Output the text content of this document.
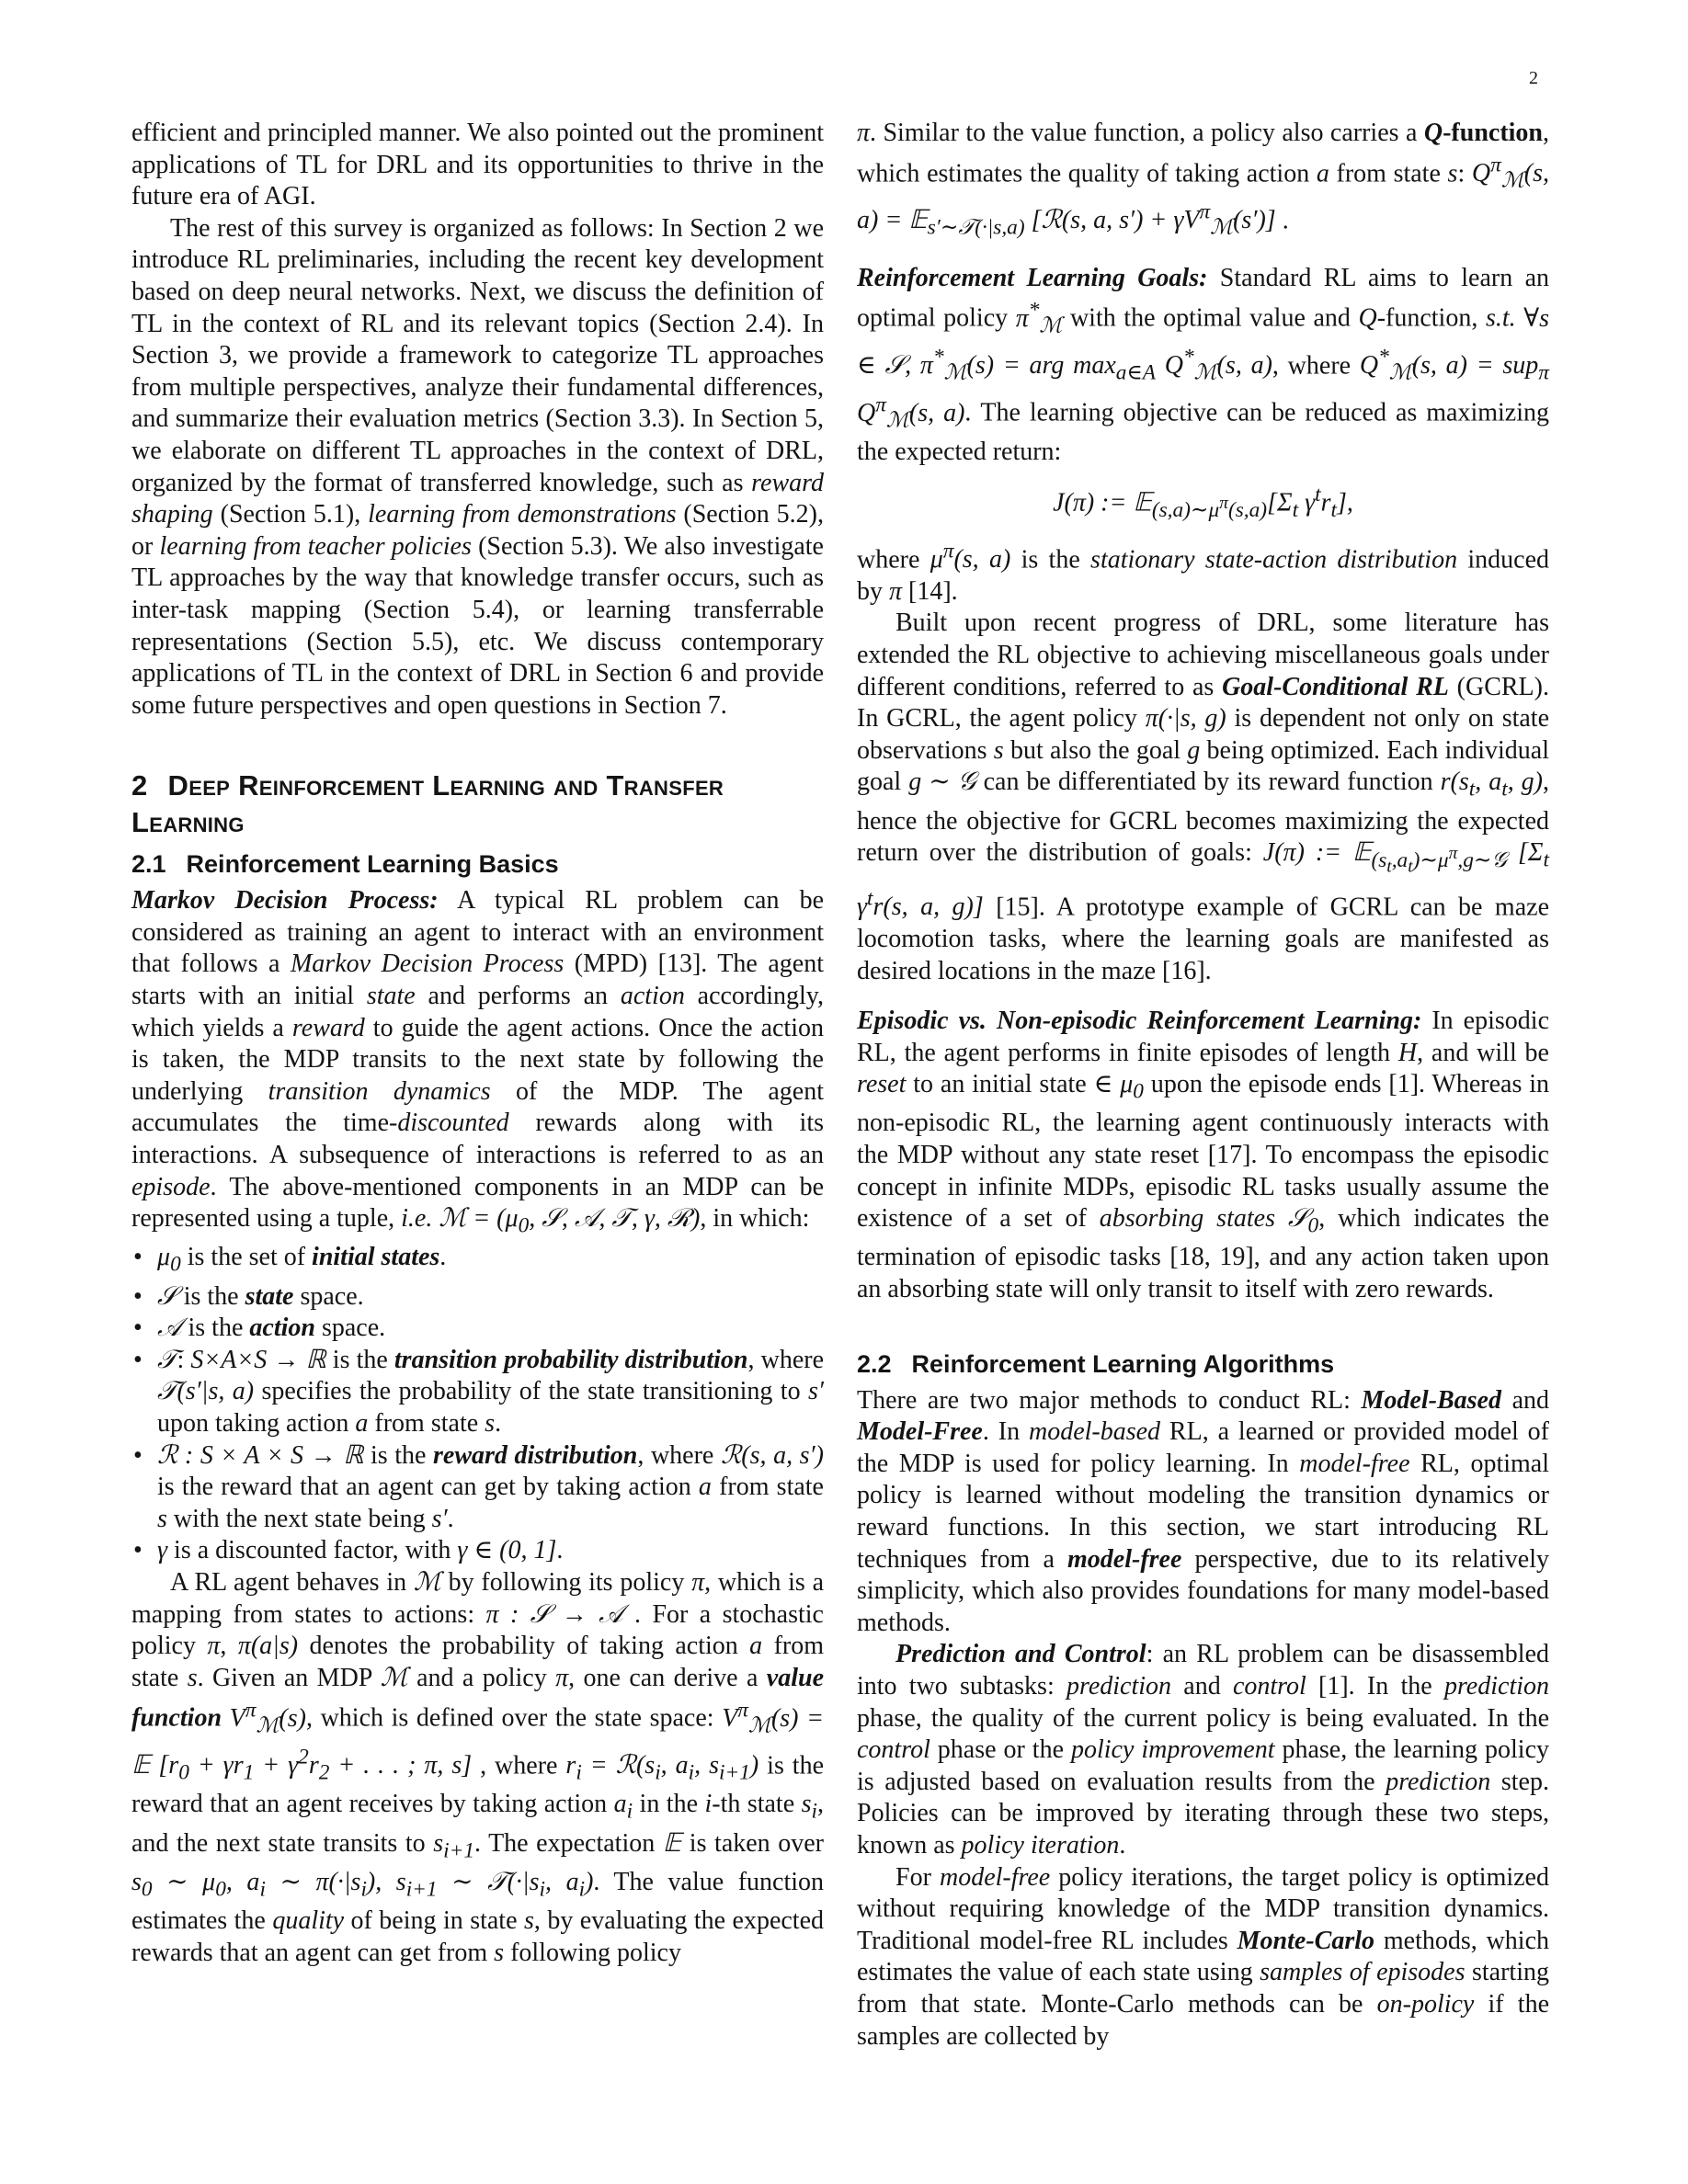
2

efficient and principled manner. We also pointed out the prominent applications of TL for DRL and its opportunities to thrive in the future era of AGI.

The rest of this survey is organized as follows: In Section 2 we introduce RL preliminaries, including the recent key development based on deep neural networks. Next, we discuss the definition of TL in the context of RL and its relevant topics (Section 2.4). In Section 3, we provide a framework to categorize TL approaches from multiple perspectives, analyze their fundamental differences, and summarize their evaluation metrics (Section 3.3). In Section 5, we elaborate on different TL approaches in the context of DRL, organized by the format of transferred knowledge, such as reward shaping (Section 5.1), learning from demonstrations (Section 5.2), or learning from teacher policies (Section 5.3). We also investigate TL approaches by the way that knowledge transfer occurs, such as inter-task mapping (Section 5.4), or learning transferrable representations (Section 5.5), etc. We discuss contemporary applications of TL in the context of DRL in Section 6 and provide some future perspectives and open questions in Section 7.

2 Deep Reinforcement Learning and Transfer Learning
2.1 Reinforcement Learning Basics

Markov Decision Process: A typical RL problem can be considered as training an agent to interact with an environment that follows a Markov Decision Process (MPD) [13]. The agent starts with an initial state and performs an action accordingly, which yields a reward to guide the agent actions. Once the action is taken, the MDP transits to the next state by following the underlying transition dynamics of the MDP. The agent accumulates the time-discounted rewards along with its interactions. A subsequence of interactions is referred to as an episode. The above-mentioned components in an MDP can be represented using a tuple, i.e. ℳ = ($\mu_0$, 𝒮, 𝒜, 𝒯, γ, ℛ), in which:

• $\mu_0$ is the set of initial states.
• 𝒮 is the state space.
• 𝒜 is the action space.
• 𝒯: S×A×S → ℝ is the transition probability distribution, where 𝒯(s′|s, a) specifies the probability of the state transitioning to s′ upon taking action a from state s.
• ℛ : S × A × S → ℝ is the reward distribution, where ℛ(s, a, s′) is the reward that an agent can get by taking action a from state s with the next state being s′.
• γ is a discounted factor, with γ ∈ (0, 1].

A RL agent behaves in ℳ by following its policy π, which is a mapping from states to actions: π : 𝒮 → 𝒜 . For a stochastic policy π, π(a|s) denotes the probability of taking action a from state s. Given an MDP ℳ and a policy π, one can derive a value function $V^\pi_ℳ(s)$, which is defined over the state space: $V^\pi_ℳ(s)$ = 𝔼 [$r_0 + \gamma r_1 + \gamma^2r_2$ + . . . ; π, s] , where $r_i$ = $ℛ(s_i$, $a_i$, $s_{i+1}$) is the reward that an agent receives by taking action $a_i$ in the i-th state $s_i$, and the next state transits to $s_{i+1}$. The expectation 𝔼 is taken over $s_0$ ∼ $\mu_0$, $a_i$ ∼ $\pi(\cdot|s_i)$, $s_{i+1}$ ∼ $𝒯(\cdot|s_i$, $a_i$). The value function estimates the quality of being in state s, by evaluating the expected rewards that an agent can get from s following policy

π. Similar to the value function, a policy also carries a Q-function, which estimates the quality of taking action a from state s: $Q^\pi_ℳ(s$, a) = 𝔼$_{s'\sim 𝒯(\cdot|s,a)}$ [ℛ(s, a, $s') + \gamma V^\pi_ℳ(s')$] .

Reinforcement Learning Goals: Standard RL aims to learn an optimal policy $\pi^*_ℳ$ with the optimal value and Q-function, s.t. ∀s ∈ 𝒮, $\pi^*_ℳ(s)$ = arg $\max_{a\in A} Q^*_ℳ(s$, a), where $Q^*_ℳ(s$, a) = sup$_\pi$ $Q^\pi_ℳ(s$, a). The learning objective can be reduced as maximizing the expected return:

J(π) := $𝔼_{(s,a)\sim\mu^\pi(s,a)}[\Sigma_t$ $\gamma^tr_t$],

where $\mu^\pi(s$, a) is the stationary state-action distribution induced by π [14].

Built upon recent progress of DRL, some literature has extended the RL objective to achieving miscellaneous goals under different conditions, referred to as Goal-Conditional RL (GCRL). In GCRL, the agent policy π(·|s, g) is dependent not only on state observations s but also the goal g being optimized. Each individual goal g ∼ 𝒢 can be differentiated by its reward function $r(s_t$, $a_t$, g), hence the objective for GCRL becomes maximizing the expected return over the distribution of goals: J(π) := 𝔼$_{(s_t,a_t)\sim\mu^\pi,g\sim 𝒢}$ [$\Sigma_t$ $\gamma^tr(s$, a, g)] [15]. A prototype example of GCRL can be maze locomotion tasks, where the learning goals are manifested as desired locations in the maze [16].

Episodic vs. Non-episodic Reinforcement Learning: In episodic RL, the agent performs in finite episodes of length H, and will be reset to an initial state ∈ $\mu_0$ upon the episode ends [1]. Whereas in non-episodic RL, the learning agent continuously interacts with the MDP without any state reset [17]. To encompass the episodic concept in infinite MDPs, episodic RL tasks usually assume the existence of a set of absorbing states 𝒮$_0$, which indicates the termination of episodic tasks [18, 19], and any action taken upon an absorbing state will only transit to itself with zero rewards.

2.2 Reinforcement Learning Algorithms

There are two major methods to conduct RL: Model-Based and Model-Free. In model-based RL, a learned or provided model of the MDP is used for policy learning. In model-free RL, optimal policy is learned without modeling the transition dynamics or reward functions. In this section, we start introducing RL techniques from a model-free perspective, due to its relatively simplicity, which also provides foundations for many model-based methods.

Prediction and Control: an RL problem can be disassembled into two subtasks: prediction and control [1]. In the prediction phase, the quality of the current policy is being evaluated. In the control phase or the policy improvement phase, the learning policy is adjusted based on evaluation results from the prediction step. Policies can be improved by iterating through these two steps, known as policy iteration.

For model-free policy iterations, the target policy is optimized without requiring knowledge of the MDP transition dynamics. Traditional model-free RL includes Monte-Carlo methods, which estimates the value of each state using samples of episodes starting from that state. Monte-Carlo methods can be on-policy if the samples are collected by
